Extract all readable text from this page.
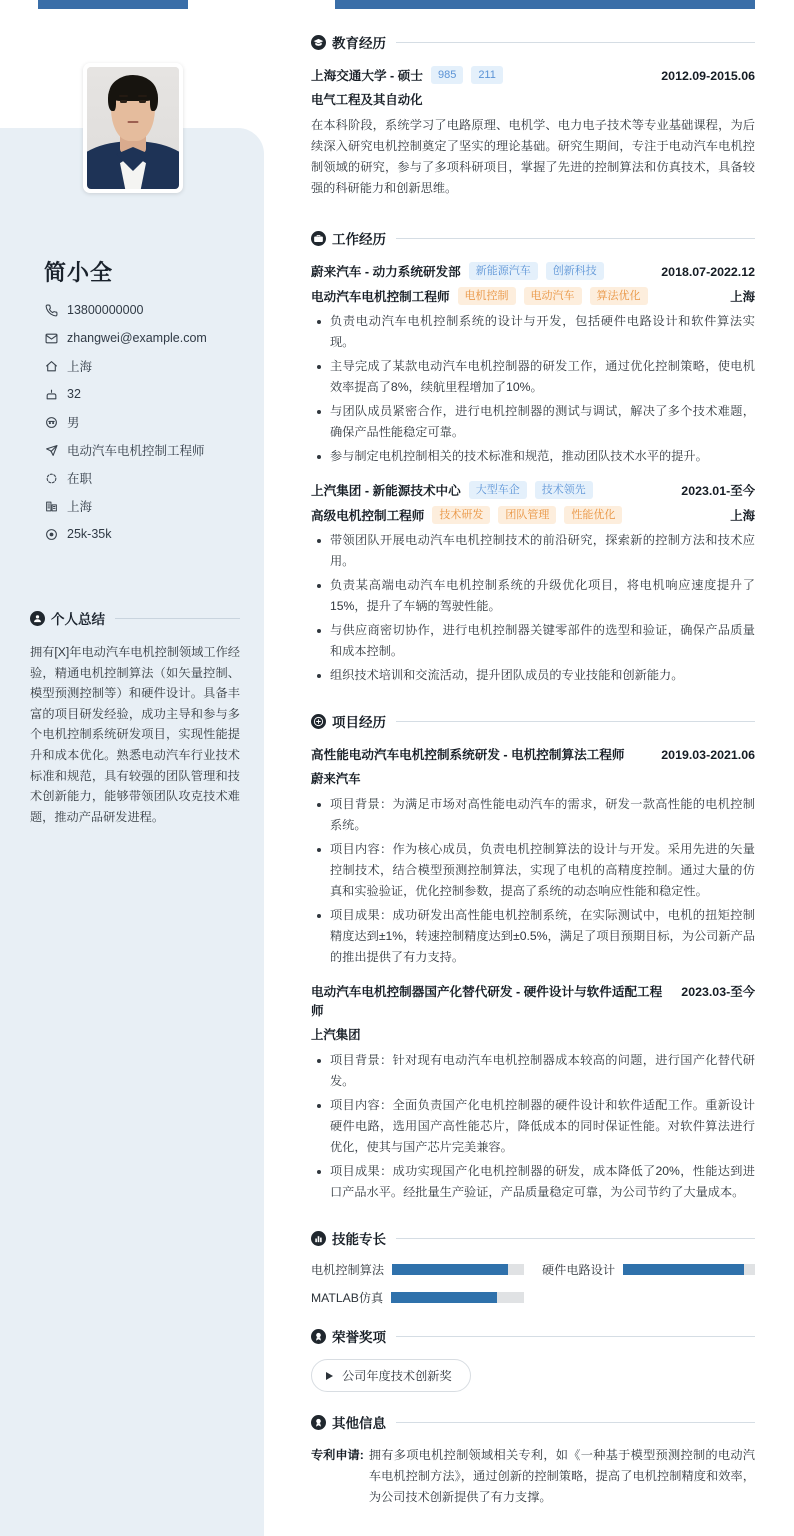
简小全
13800000000
zhangwei@example.com
上海
32
男
电动汽车电机控制工程师
在职
上海
25k-35k
个人总结
拥有[X]年电动汽车电机控制领域工作经验，精通电机控制算法（如矢量控制、模型预测控制等）和硬件设计。具备丰富的项目研发经验，成功主导和参与多个电机控制系统研发项目，实现性能提升和成本优化。熟悉电动汽车行业技术标准和规范，具有较强的团队管理和技术创新能力，能够带领团队攻克技术难题，推动产品研发进程。
教育经历
上海交通大学 - 硕士	985	211	2012.09-2015.06
电气工程及其自动化
在本科阶段，系统学习了电路原理、电机学、电力电子技术等专业基础课程，为后续深入研究电机控制奠定了坚实的理论基础。研究生期间，专注于电动汽车电机控制领域的研究，参与了多项科研项目，掌握了先进的控制算法和仿真技术，具备较强的科研能力和创新思维。
工作经历
蔚来汽车 - 动力系统研发部	新能源汽车	创新科技	2018.07-2022.12
电动汽车电机控制工程师	电机控制	电动汽车	算法优化	上海
负责电动汽车电机控制系统的设计与开发，包括硬件电路设计和软件算法实现。
主导完成了某款电动汽车电机控制器的研发工作，通过优化控制策略，使电机效率提高了8%，续航里程增加了10%。
与团队成员紧密合作，进行电机控制器的测试与调试，解决了多个技术难题，确保产品性能稳定可靠。
参与制定电机控制相关的技术标准和规范，推动团队技术水平的提升。
上汽集团 - 新能源技术中心	大型车企	技术领先	2023.01-至今
高级电机控制工程师	技术研发	团队管理	性能优化	上海
带领团队开展电动汽车电机控制技术的前沿研究，探索新的控制方法和技术应用。
负责某高端电动汽车电机控制系统的升级优化项目，将电机响应速度提升了15%，提升了车辆的驾驶性能。
与供应商密切协作，进行电机控制器关键零部件的选型和验证，确保产品质量和成本控制。
组织技术培训和交流活动，提升团队成员的专业技能和创新能力。
项目经历
高性能电动汽车电机控制系统研发 - 电机控制算法工程师	2019.03-2021.06
蔚来汽车
项目背景：为满足市场对高性能电动汽车的需求，研发一款高性能的电机控制系统。
项目内容：作为核心成员，负责电机控制算法的设计与开发。采用先进的矢量控制技术，结合模型预测控制算法，实现了电机的高精度控制。通过大量的仿真和实验验证，优化控制参数，提高了系统的动态响应性能和稳定性。
项目成果：成功研发出高性能电机控制系统，在实际测试中，电机的扭矩控制精度达到±1%，转速控制精度达到±0.5%，满足了项目预期目标，为公司新产品的推出提供了有力支持。
电动汽车电机控制器国产化替代研发 - 硬件设计与软件适配工程师
2023.03-至今
上汽集团
项目背景：针对现有电动汽车电机控制器成本较高的问题，进行国产化替代研发。
项目内容：全面负责国产化电机控制器的硬件设计和软件适配工作。重新设计硬件电路，选用国产高性能芯片，降低成本的同时保证性能。对软件算法进行优化，使其与国产芯片完美兼容。
项目成果：成功实现国产化电机控制器的研发，成本降低了20%，性能达到进口产品水平。经批量生产验证，产品质量稳定可靠，为公司节约了大量成本。
技能专长
电机控制算法	硬件电路设计
MATLAB仿真
荣誉奖项
公司年度技术创新奖
其他信息
专利申请: 拥有多项电机控制领域相关专利，如《一种基于模型预测控制的电动汽车电机控制方法》，通过创新的控制策略，提高了电机控制精度和效率，为公司技术创新提供了有力支撑。
